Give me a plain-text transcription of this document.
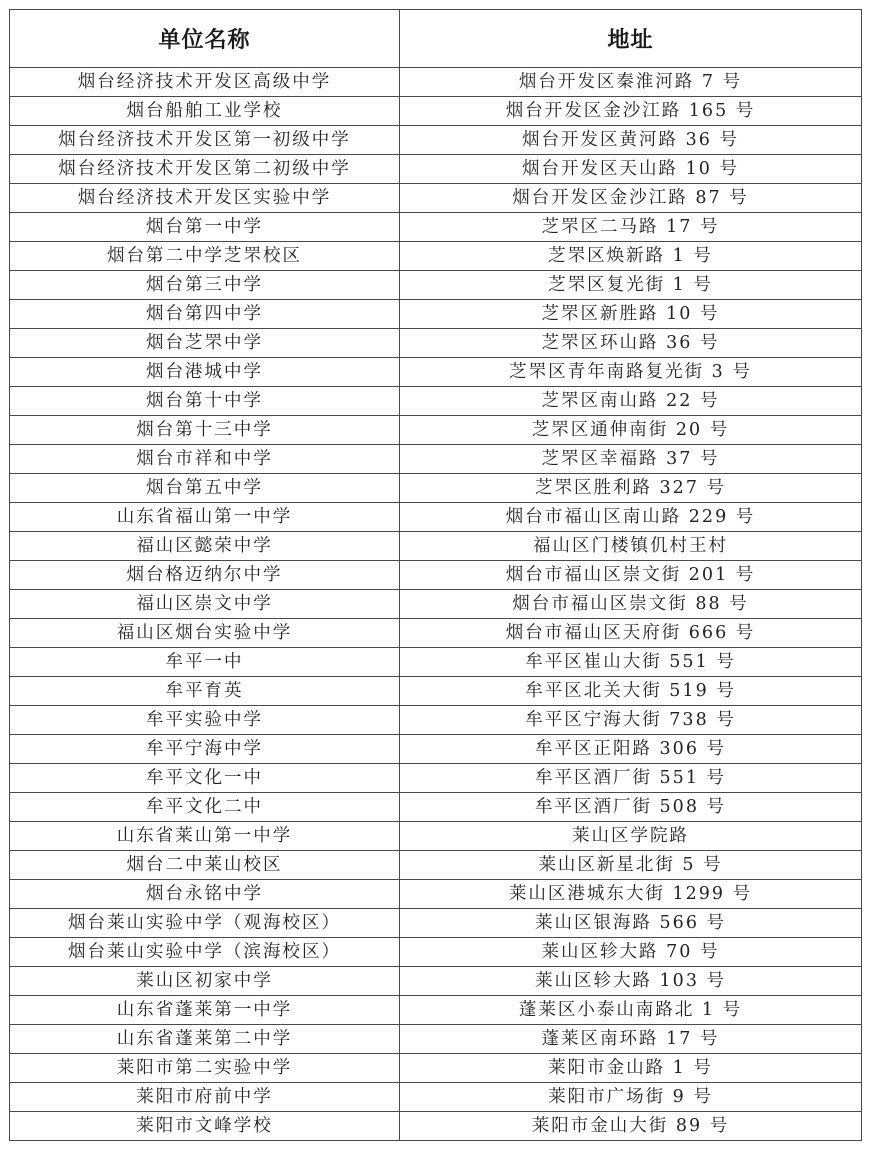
单位名称	地址
烟台经济技术开发区高级中学	烟台开发区秦淮河路 7 号
烟台船舶工业学校	烟台开发区金沙江路 165 号
烟台经济技术开发区第一初级中学	烟台开发区黄河路 36 号
烟台经济技术开发区第二初级中学	烟台开发区天山路 10 号
烟台经济技术开发区实验中学	烟台开发区金沙江路 87 号
烟台第一中学	芝罘区二马路 17 号
烟台第二中学芝罘校区	芝罘区焕新路 1 号
烟台第三中学	芝罘区复光街 1 号
烟台第四中学	芝罘区新胜路 10 号
烟台芝罘中学	芝罘区环山路 36 号
烟台港城中学	芝罘区青年南路复光街 3 号
烟台第十中学	芝罘区南山路 22 号
烟台第十三中学	芝罘区通伸南街 20 号
烟台市祥和中学	芝罘区幸福路 37 号
烟台第五中学	芝罘区胜利路 327 号
山东省福山第一中学	烟台市福山区南山路 229 号
福山区懿荣中学	福山区门楼镇仉村王村
烟台格迈纳尔中学	烟台市福山区崇文街 201 号
福山区崇文中学	烟台市福山区崇文街 88 号
福山区烟台实验中学	烟台市福山区天府街 666 号
牟平一中	牟平区崔山大街 551 号
牟平育英	牟平区北关大街 519 号
牟平实验中学	牟平区宁海大街 738 号
牟平宁海中学	牟平区正阳路 306 号
牟平文化一中	牟平区酒厂街 551 号
牟平文化二中	牟平区酒厂街 508 号
山东省莱山第一中学	莱山区学院路
烟台二中莱山校区	莱山区新星北街 5 号
烟台永铭中学	莱山区港城东大街 1299 号
烟台莱山实验中学（观海校区）	莱山区银海路 566 号
烟台莱山实验中学（滨海校区）	莱山区轸大路 70 号
莱山区初家中学	莱山区轸大路 103 号
山东省蓬莱第一中学	蓬莱区小泰山南路北 1 号
山东省蓬莱第二中学	蓬莱区南环路 17 号
莱阳市第二实验中学	莱阳市金山路 1 号
莱阳市府前中学	莱阳市广场街 9 号
莱阳市文峰学校	莱阳市金山大街 89 号
